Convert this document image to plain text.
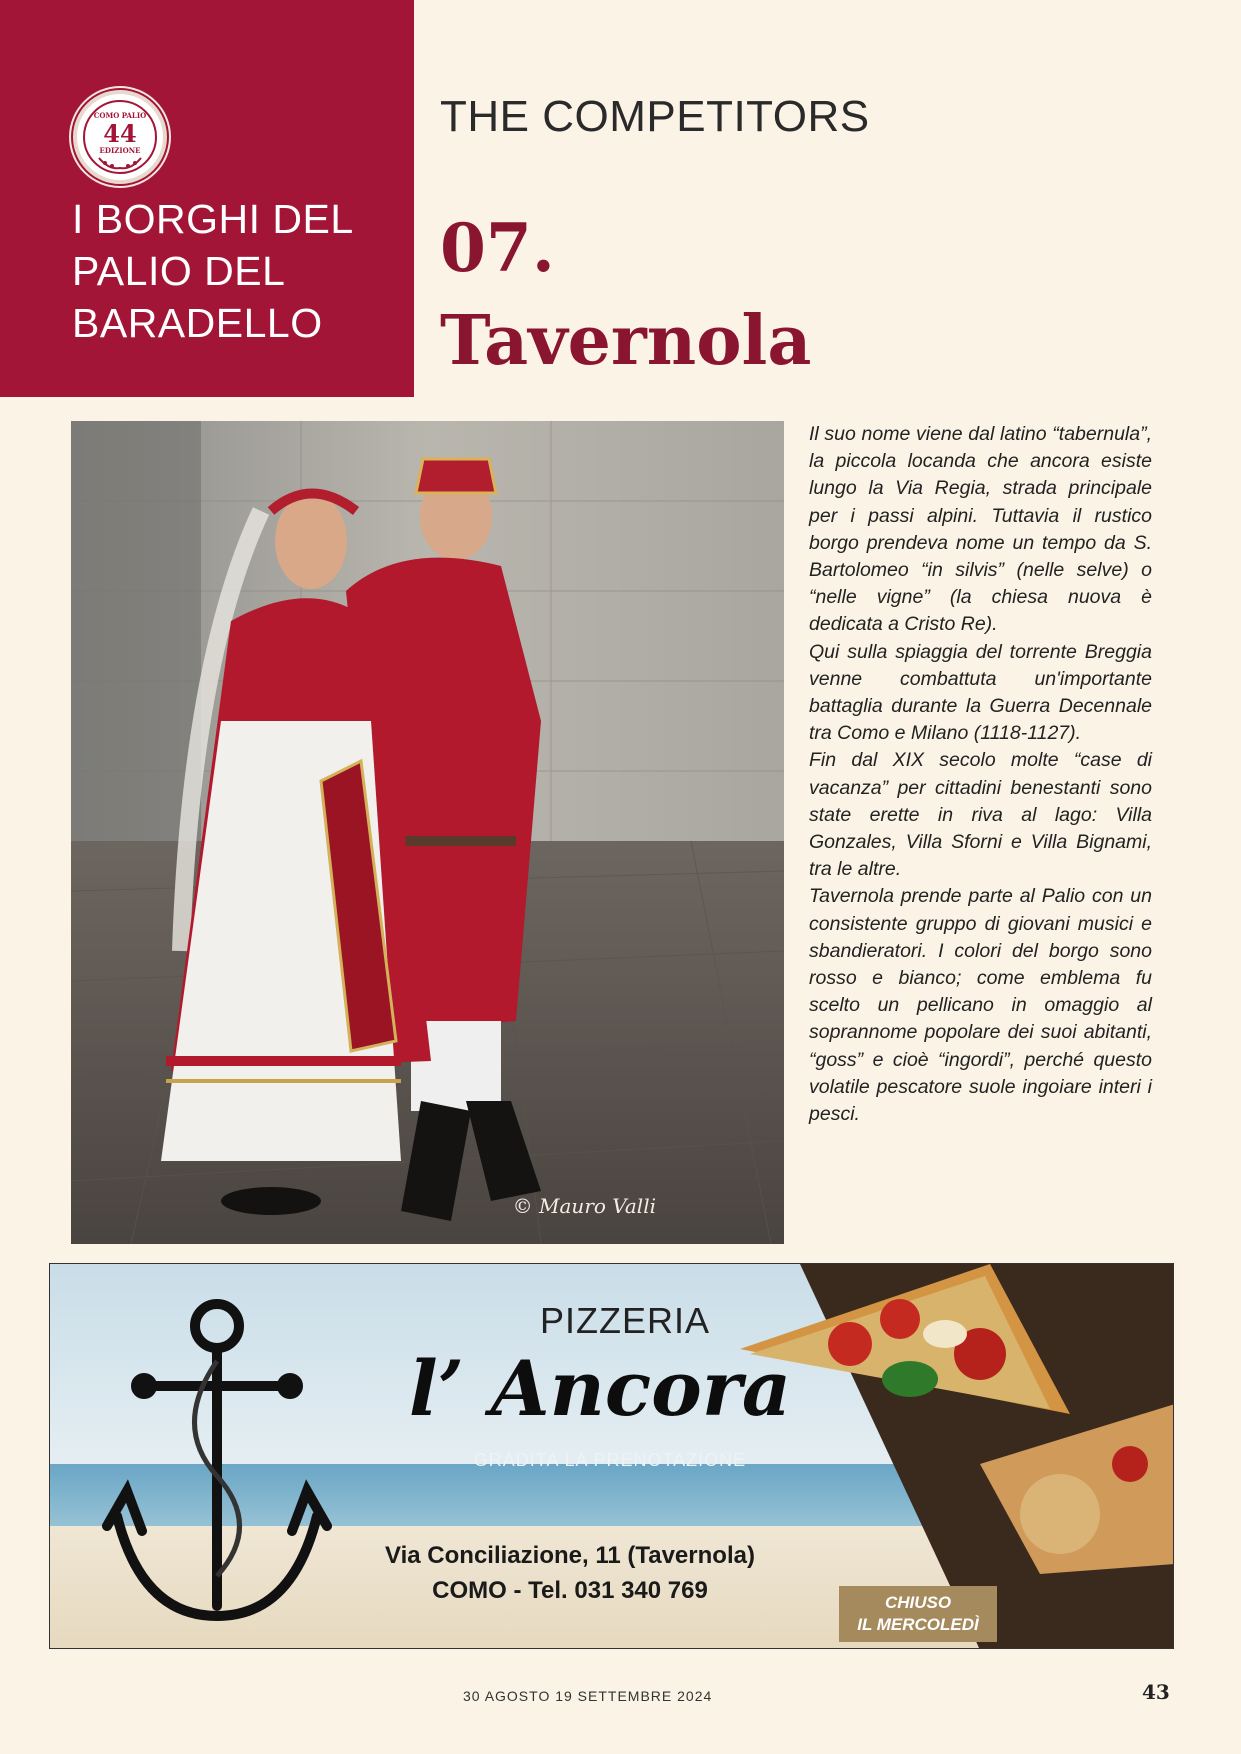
COMO PALIO
44
EDIZIONE
I BORGHI DEL
PALIO DEL
BARADELLO
THE COMPETITORS
07.
Tavernola
© Mauro Valli

Il suo nome viene dal latino “tabernula”, la piccola locanda che ancora esiste lungo la Via Regia, strada principale per i passi alpini. Tuttavia il rustico borgo prendeva nome un tempo da S. Bartolomeo “in silvis” (nelle selve) o “nelle vigne” (la chiesa nuova è dedicata a Cristo Re).

Qui sulla spiaggia del torrente Breggia venne combattuta un'importante battaglia durante la Guerra Decennale tra Como e Milano (1118-1127).

Fin dal XIX secolo molte “case di vacanza” per cittadini benestanti sono state erette in riva al lago: Villa Gonzales, Villa Sforni e Villa Bignami, tra le altre.

Tavernola prende parte al Palio con un consistente gruppo di giovani musici e sbandieratori. I colori del borgo sono rosso e bianco; come emblema fu scelto un pellicano in omaggio al soprannome popolare dei suoi abitanti, “goss” e cioè “ingordi”, perché questo volatile pescatore suole ingoiare interi i pesci.

PIZZERIA
l’ Ancora
GRADITA LA PRENOTAZIONE
Via Conciliazione, 11 (Tavernola)
COMO - Tel. 031 340 769	CHIUSO
IL MERCOLEDÌ
30 AGOSTO 19 SETTEMBRE 2024	43
